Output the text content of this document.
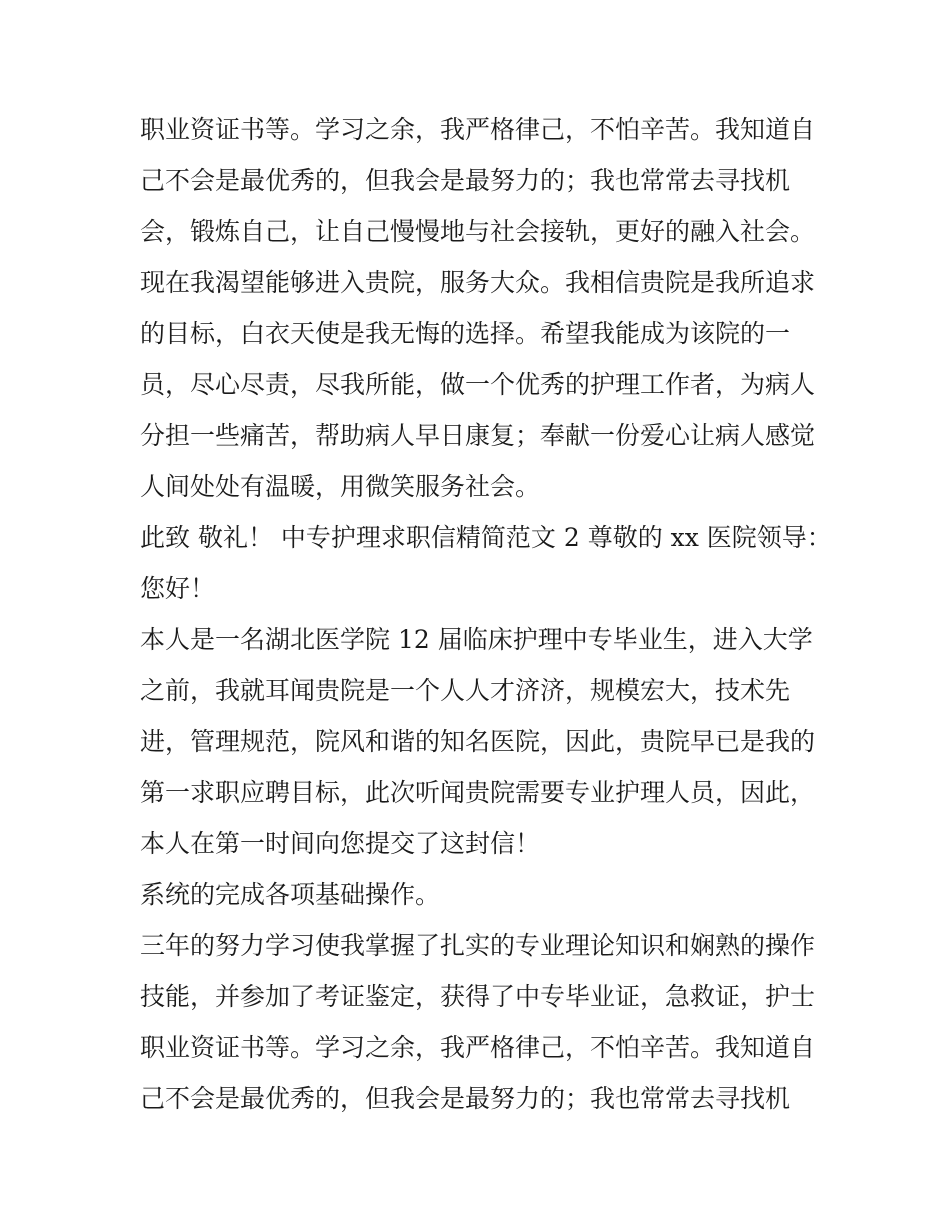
职业资证书等。学习之余，我严格律己，不怕辛苦。我知道自
己不会是最优秀的，但我会是最努力的；我也常常去寻找机
会，锻炼自己，让自己慢慢地与社会接轨，更好的融入社会。
现在我渴望能够进入贵院，服务大众。我相信贵院是我所追求
的目标，白衣天使是我无悔的选择。希望我能成为该院的一
员，尽心尽责，尽我所能，做一个优秀的护理工作者，为病人
分担一些痛苦，帮助病人早日康复；奉献一份爱心让病人感觉
人间处处有温暖，用微笑服务社会。
此致 敬礼！ 中专护理求职信精简范文 2 尊敬的 xx 医院领导：
您好！
本人是一名湖北医学院 12 届临床护理中专毕业生，进入大学
之前，我就耳闻贵院是一个人人才济济，规模宏大，技术先
进，管理规范，院风和谐的知名医院，因此，贵院早已是我的
第一求职应聘目标，此次听闻贵院需要专业护理人员，因此，
本人在第一时间向您提交了这封信！
系统的完成各项基础操作。
三年的努力学习使我掌握了扎实的专业理论知识和娴熟的操作
技能，并参加了考证鉴定，获得了中专毕业证，急救证，护士
职业资证书等。学习之余，我严格律己，不怕辛苦。我知道自
己不会是最优秀的，但我会是最努力的；我也常常去寻找机
